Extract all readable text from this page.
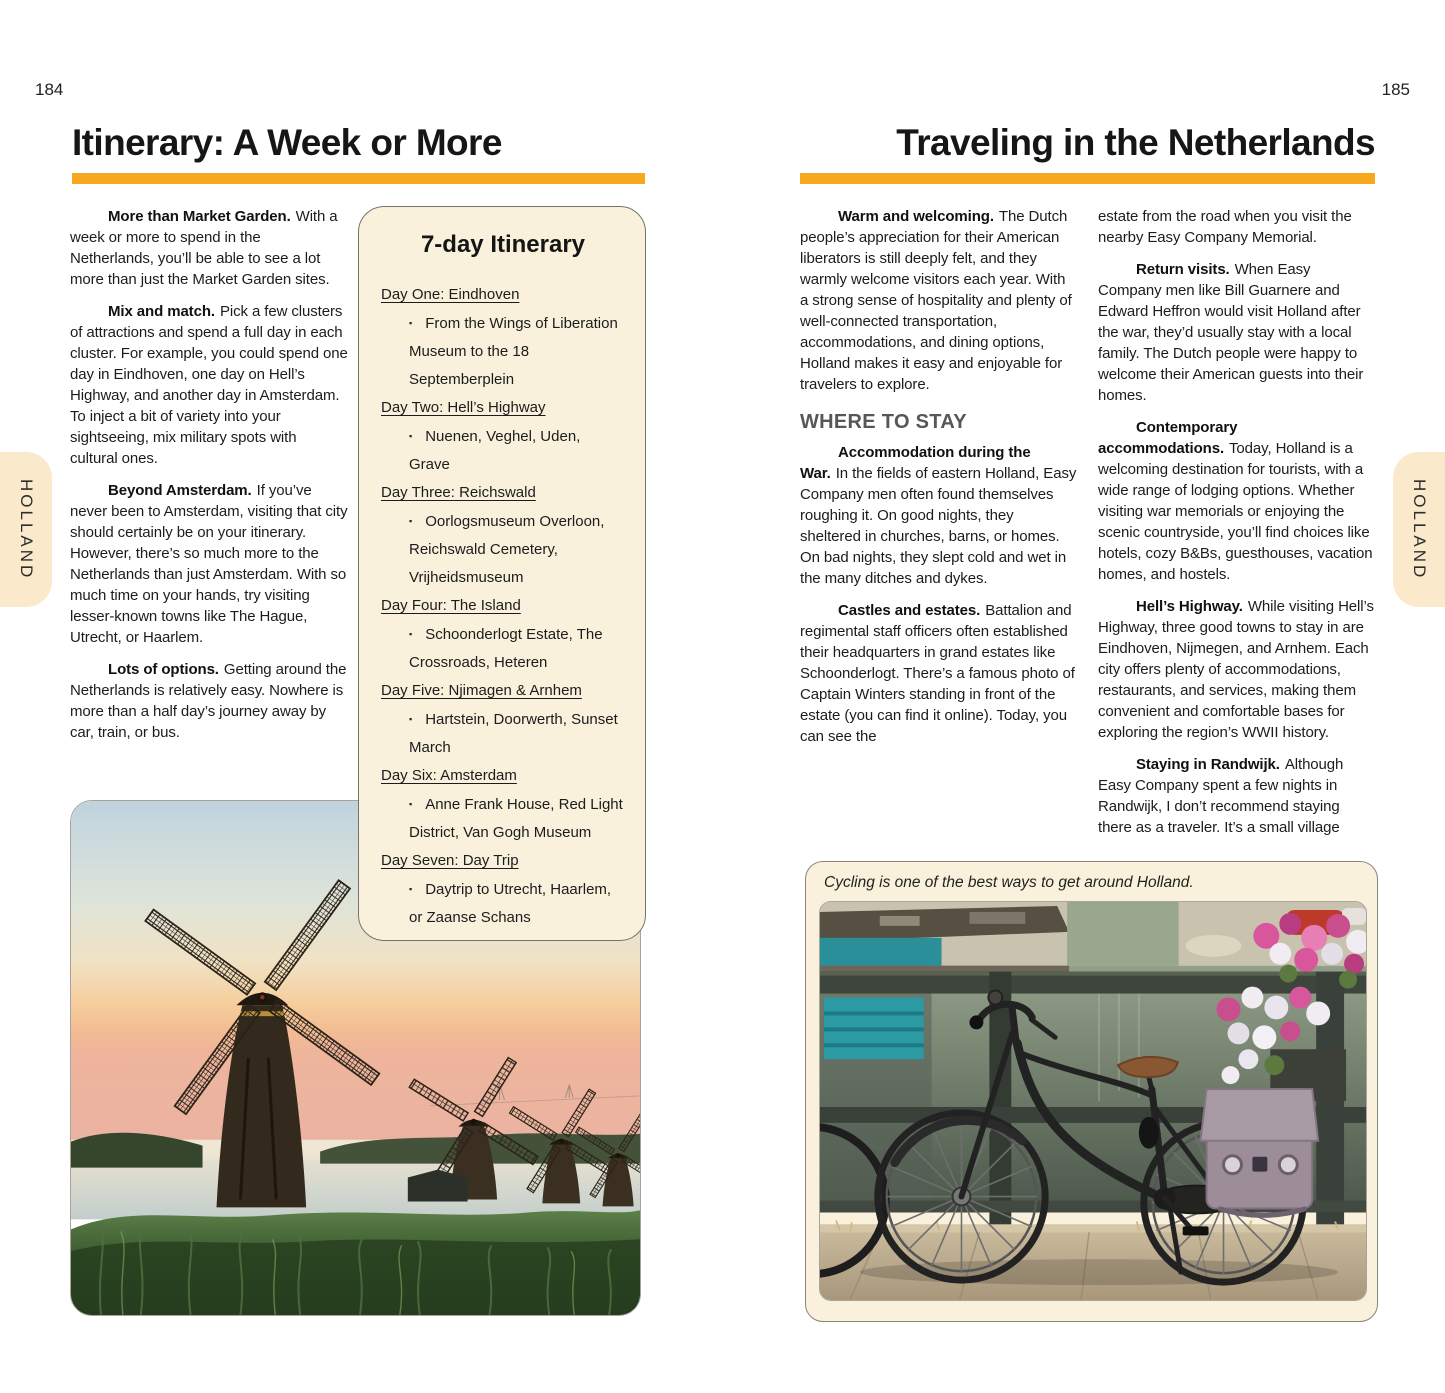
184	185
Itinerary: A Week or More	Traveling in the Netherlands

More than Market Garden. With a week or more to spend in the Netherlands, you’ll be able to see a lot more than just the Market Garden sites.

Mix and match. Pick a few clusters of attractions and spend a full day in each cluster. For example, you could spend one day in Eindhoven, one day on Hell’s Highway, and another day in Amsterdam. To inject a bit of variety into your sightseeing, mix military spots with cultural ones.

Beyond Amsterdam. If you’ve never been to Amsterdam, visiting that city should certainly be on your itinerary. However, there’s so much more to the Netherlands than just Amsterdam. With so much time on your hands, try visiting lesser-known towns like The Hague, Utrecht, or Haarlem.

Lots of options. Getting around the Netherlands is relatively easy. Nowhere is more than a half day’s journey away by car, train, or bus.

7-day Itinerary
Day One: Eindhoven
▪ From the Wings of Liberation Museum to the 18 Septemberplein
Day Two: Hell’s Highway
▪ Nuenen, Veghel, Uden, Grave
Day Three: Reichswald
▪ Oorlogsmuseum Overloon, Reichswald Cemetery, Vrijheidsmuseum
Day Four: The Island
▪ Schoonderlogt Estate, The Crossroads, Heteren
Day Five: Njimagen & Arnhem
▪ Hartstein, Doorwerth, Sunset March
Day Six: Amsterdam
▪ Anne Frank House, Red Light District, Van Gogh Museum
Day Seven: Day Trip
▪ Daytrip to Utrecht, Haarlem, or Zaanse Schans

Warm and welcoming. The Dutch people’s appreciation for their American liberators is still deeply felt, and they warmly welcome visitors each year. With a strong sense of hospitality and plenty of well-connected transportation, accommodations, and dining options, Holland makes it easy and enjoyable for travelers to explore.

WHERE TO STAY

Accommodation during the War. In the fields of eastern Holland, Easy Company men often found themselves roughing it. On good nights, they sheltered in churches, barns, or homes. On bad nights, they slept cold and wet in the many ditches and dykes.

Castles and estates. Battalion and regimental staff officers often established their headquarters in grand estates like Schoonderlogt. There’s a famous photo of Captain Winters standing in front of the estate (you can find it online). Today, you can see the

estate from the road when you visit the nearby Easy Company Memorial.

Return visits. When Easy Company men like Bill Guarnere and Edward Heffron would visit Holland after the war, they’d usually stay with a local family. The Dutch people were happy to welcome their American guests into their homes.

Contemporary accommodations. Today, Holland is a welcoming destination for tourists, with a wide range of lodging options. Whether visiting war memorials or enjoying the scenic countryside, you’ll find choices like hotels, cozy B&Bs, guesthouses, vacation homes, and hostels.

Hell’s Highway. While visiting Hell’s Highway, three good towns to stay in are Eindhoven, Nijmegen, and Arnhem. Each city offers plenty of accommodations, restaurants, and services, making them convenient and comfortable bases for exploring the region’s WWII history.

Staying in Randwijk. Although Easy Company spent a few nights in Randwijk, I don’t recommend staying there as a traveler. It’s a small village

Cycling is one of the best ways to get around Holland.
HOLLAND	HOLLAND
